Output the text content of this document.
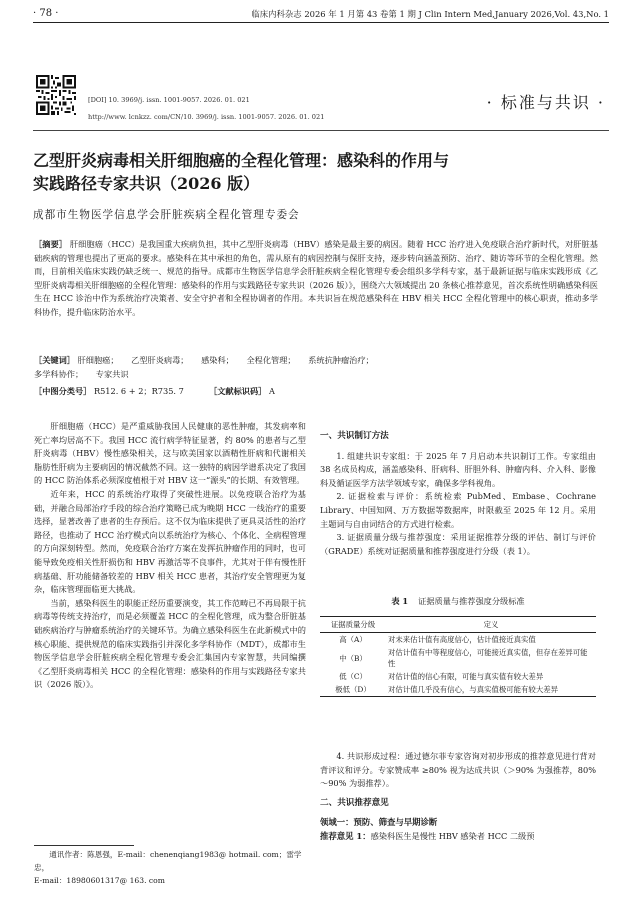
· 78 ·	临床内科杂志 2026 年 1 月第 43 卷第 1 期 J Clin Intern Med,January 2026,Vol. 43,No. 1
[DOI] 10. 3969/j. issn. 1001-9057. 2026. 01. 021
http://www. lcnkzz. com/CN/10. 3969/j. issn. 1001-9057. 2026. 01. 021
· 标准与共识 ·
乙型肝炎病毒相关肝细胞癌的全程化管理：感染科的作用与
实践路径专家共识（2026 版）
成都市生物医学信息学会肝脏疾病全程化管理专委会
［摘要］ 肝细胞癌（HCC）是我国重大疾病负担，其中乙型肝炎病毒（HBV）感染是最主要的病因。随着 HCC 治疗进入免疫联合治疗新时代，对肝脏基础疾病的管理也提出了更高的要求。感染科在其中承担的角色，需从原有的病因控制与保肝支持，逐步转向涵盖预防、治疗、随访等环节的全程化管理。然而，目前相关临床实践仍缺乏统一、规范的指导。成都市生物医学信息学会肝脏疾病全程化管理专委会组织多学科专家，基于最新证据与临床实践形成《乙型肝炎病毒相关肝细胞癌的全程化管理：感染科的作用与实践路径专家共识（2026 版）》，围绕六大领域提出 20 条核心推荐意见，首次系统性明确感染科医生在 HCC 诊治中作为系统治疗决策者、安全守护者和全程协调者的作用。本共识旨在规范感染科在 HBV 相关 HCC 全程化管理中的核心职责，推动多学科协作，提升临床防治水平。
［关键词］ 肝细胞癌； 乙型肝炎病毒； 感染科； 全程化管理； 系统抗肿瘤治疗；
多学科协作； 专家共识
［中图分类号］ R512. 6 + 2；R735. 7	［文献标识码］ A

肝细胞癌（HCC）是严重威胁我国人民健康的恶性肿瘤，其发病率和死亡率均居高不下。我国 HCC 流行病学特征显著，约 80% 的患者与乙型肝炎病毒（HBV）慢性感染相关，这与欧美国家以酒精性肝病和代谢相关脂肪性肝病为主要病因的情况截然不同。这一独特的病因学谱系决定了我国的 HCC 防治体系必须深度植根于对 HBV 这一“源头”的长期、有效管理。

近年来，HCC 的系统治疗取得了突破性进展。以免疫联合治疗为基础，并融合局部治疗手段的综合治疗策略已成为晚期 HCC 一线治疗的重要选择，显著改善了患者的生存预后。这不仅为临床提供了更具灵活性的治疗路径，也推动了 HCC 治疗模式向以系统治疗为核心、个体化、全病程管理的方向深刻转型。然而，免疫联合治疗方案在发挥抗肿瘤作用的同时，也可能导致免疫相关性肝损伤和 HBV 再激活等不良事件，尤其对于伴有慢性肝病基础、肝功能储备较差的 HBV 相关 HCC 患者，其治疗安全管理更为复杂，临床管理面临更大挑战。

当前，感染科医生的职能正经历重要演变，其工作范畴已不再局限于抗病毒等传统支持治疗，而是必须覆盖 HCC 的全程化管理，成为整合肝脏基础疾病治疗与肿瘤系统治疗的关键环节。为确立感染科医生在此新模式中的核心职能、提供规范的临床实践指引并深化多学科协作（MDT），成都市生物医学信息学会肝脏疾病全程化管理专委会汇集国内专家智慧，共同编撰《乙型肝炎病毒相关 HCC 的全程化管理：感染科的作用与实践路径专家共识（2026 版）》。

通讯作者：陈恩强，E-mail：chenenqiang1983@ hotmail. com；雷学忠，
E-mail：18980601317@ 163. com
一、共识制订方法

1. 组建共识专家组：于 2025 年 7 月启动本共识制订工作。专家组由 38 名成员构成，涵盖感染科、肝病科、肝胆外科、肿瘤内科、介入科、影像科及循证医学方法学领域专家，确保多学科视角。

2. 证据检索与评价：系统检索 PubMed、Embase、Cochrane Library、中国知网、万方数据等数据库，时限截至 2025 年 12 月。采用主题词与自由词结合的方式进行检索。

3. 证据质量分级与推荐强度：采用证据推荐分级的评估、制订与评价（GRADE）系统对证据质量和推荐强度进行分级（表 1）。

表 1 证据质量与推荐强度分级标准
证据质量分级	定义
高（A）	对未来估计值有高度信心，估计值接近真实值
中（B）	对估计值有中等程度信心，可能接近真实值，但存在差异可能性
低（C）	对估计值的信心有限，可能与真实值有较大差异
极低（D）	对估计值几乎没有信心，与真实值极可能有较大差异

4. 共识形成过程：通过德尔菲专家咨询对初步形成的推荐意见进行背对背评议和评分。专家赞成率 ≥80% 视为达成共识（＞90% 为强推荐，80% ～90% 为弱推荐）。

二、共识推荐意见
领域一：预防、筛查与早期诊断
推荐意见 1：感染科医生是慢性 HBV 感染者 HCC 二级预
